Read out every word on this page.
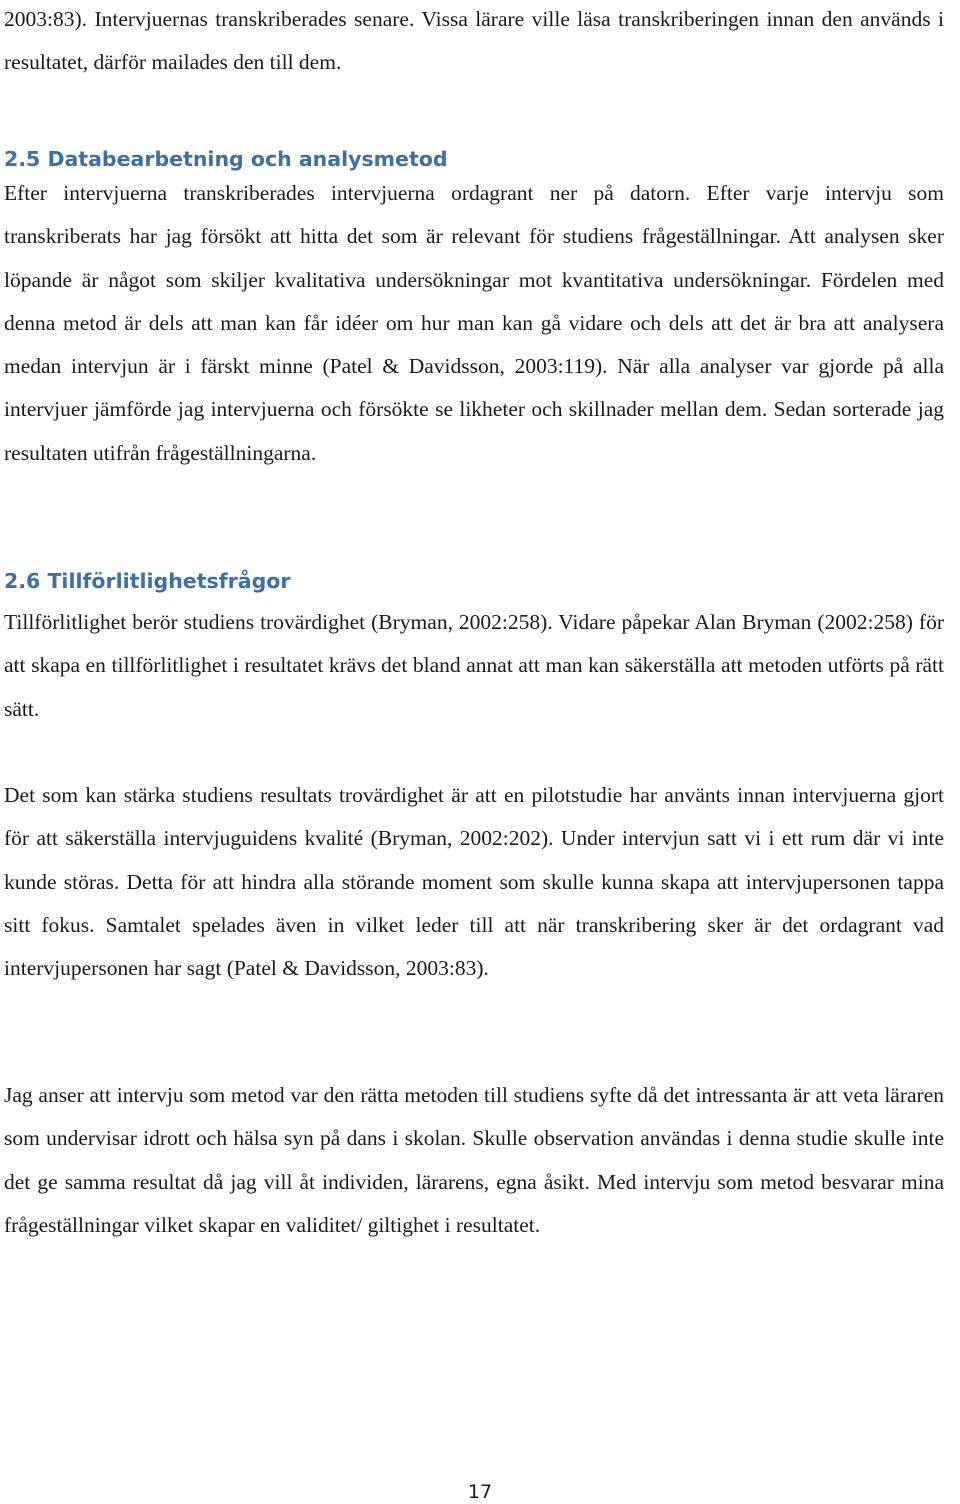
2003:83). Intervjuernas transkriberades senare. Vissa lärare ville läsa transkriberingen innan den används i resultatet, därför mailades den till dem.

2.5 Databearbetning och analysmetod

Efter intervjuerna transkriberades intervjuerna ordagrant ner på datorn. Efter varje intervju som transkriberats har jag försökt att hitta det som är relevant för studiens frågeställningar. Att analysen sker löpande är något som skiljer kvalitativa undersökningar mot kvantitativa undersökningar. Fördelen med denna metod är dels att man kan får idéer om hur man kan gå vidare och dels att det är bra att analysera medan intervjun är i färskt minne (Patel & Davidsson, 2003:119). När alla analyser var gjorde på alla intervjuer jämförde jag intervjuerna och försökte se likheter och skillnader mellan dem. Sedan sorterade jag resultaten utifrån frågeställningarna.

2.6 Tillförlitlighetsfrågor

Tillförlitlighet berör studiens trovärdighet (Bryman, 2002:258). Vidare påpekar Alan Bryman (2002:258) för att skapa en tillförlitlighet i resultatet krävs det bland annat att man kan säkerställa att metoden utförts på rätt sätt.

Det som kan stärka studiens resultats trovärdighet är att en pilotstudie har använts innan intervjuerna gjort för att säkerställa intervjuguidens kvalité (Bryman, 2002:202). Under intervjun satt vi i ett rum där vi inte kunde störas. Detta för att hindra alla störande moment som skulle kunna skapa att intervjupersonen tappa sitt fokus. Samtalet spelades även in vilket leder till att när transkribering sker är det ordagrant vad intervjupersonen har sagt (Patel & Davidsson, 2003:83).

Jag anser att intervju som metod var den rätta metoden till studiens syfte då det intressanta är att veta läraren som undervisar idrott och hälsa syn på dans i skolan. Skulle observation användas i denna studie skulle inte det ge samma resultat då jag vill åt individen, lärarens, egna åsikt. Med intervju som metod besvarar mina frågeställningar vilket skapar en validitet/ giltighet i resultatet.

17
